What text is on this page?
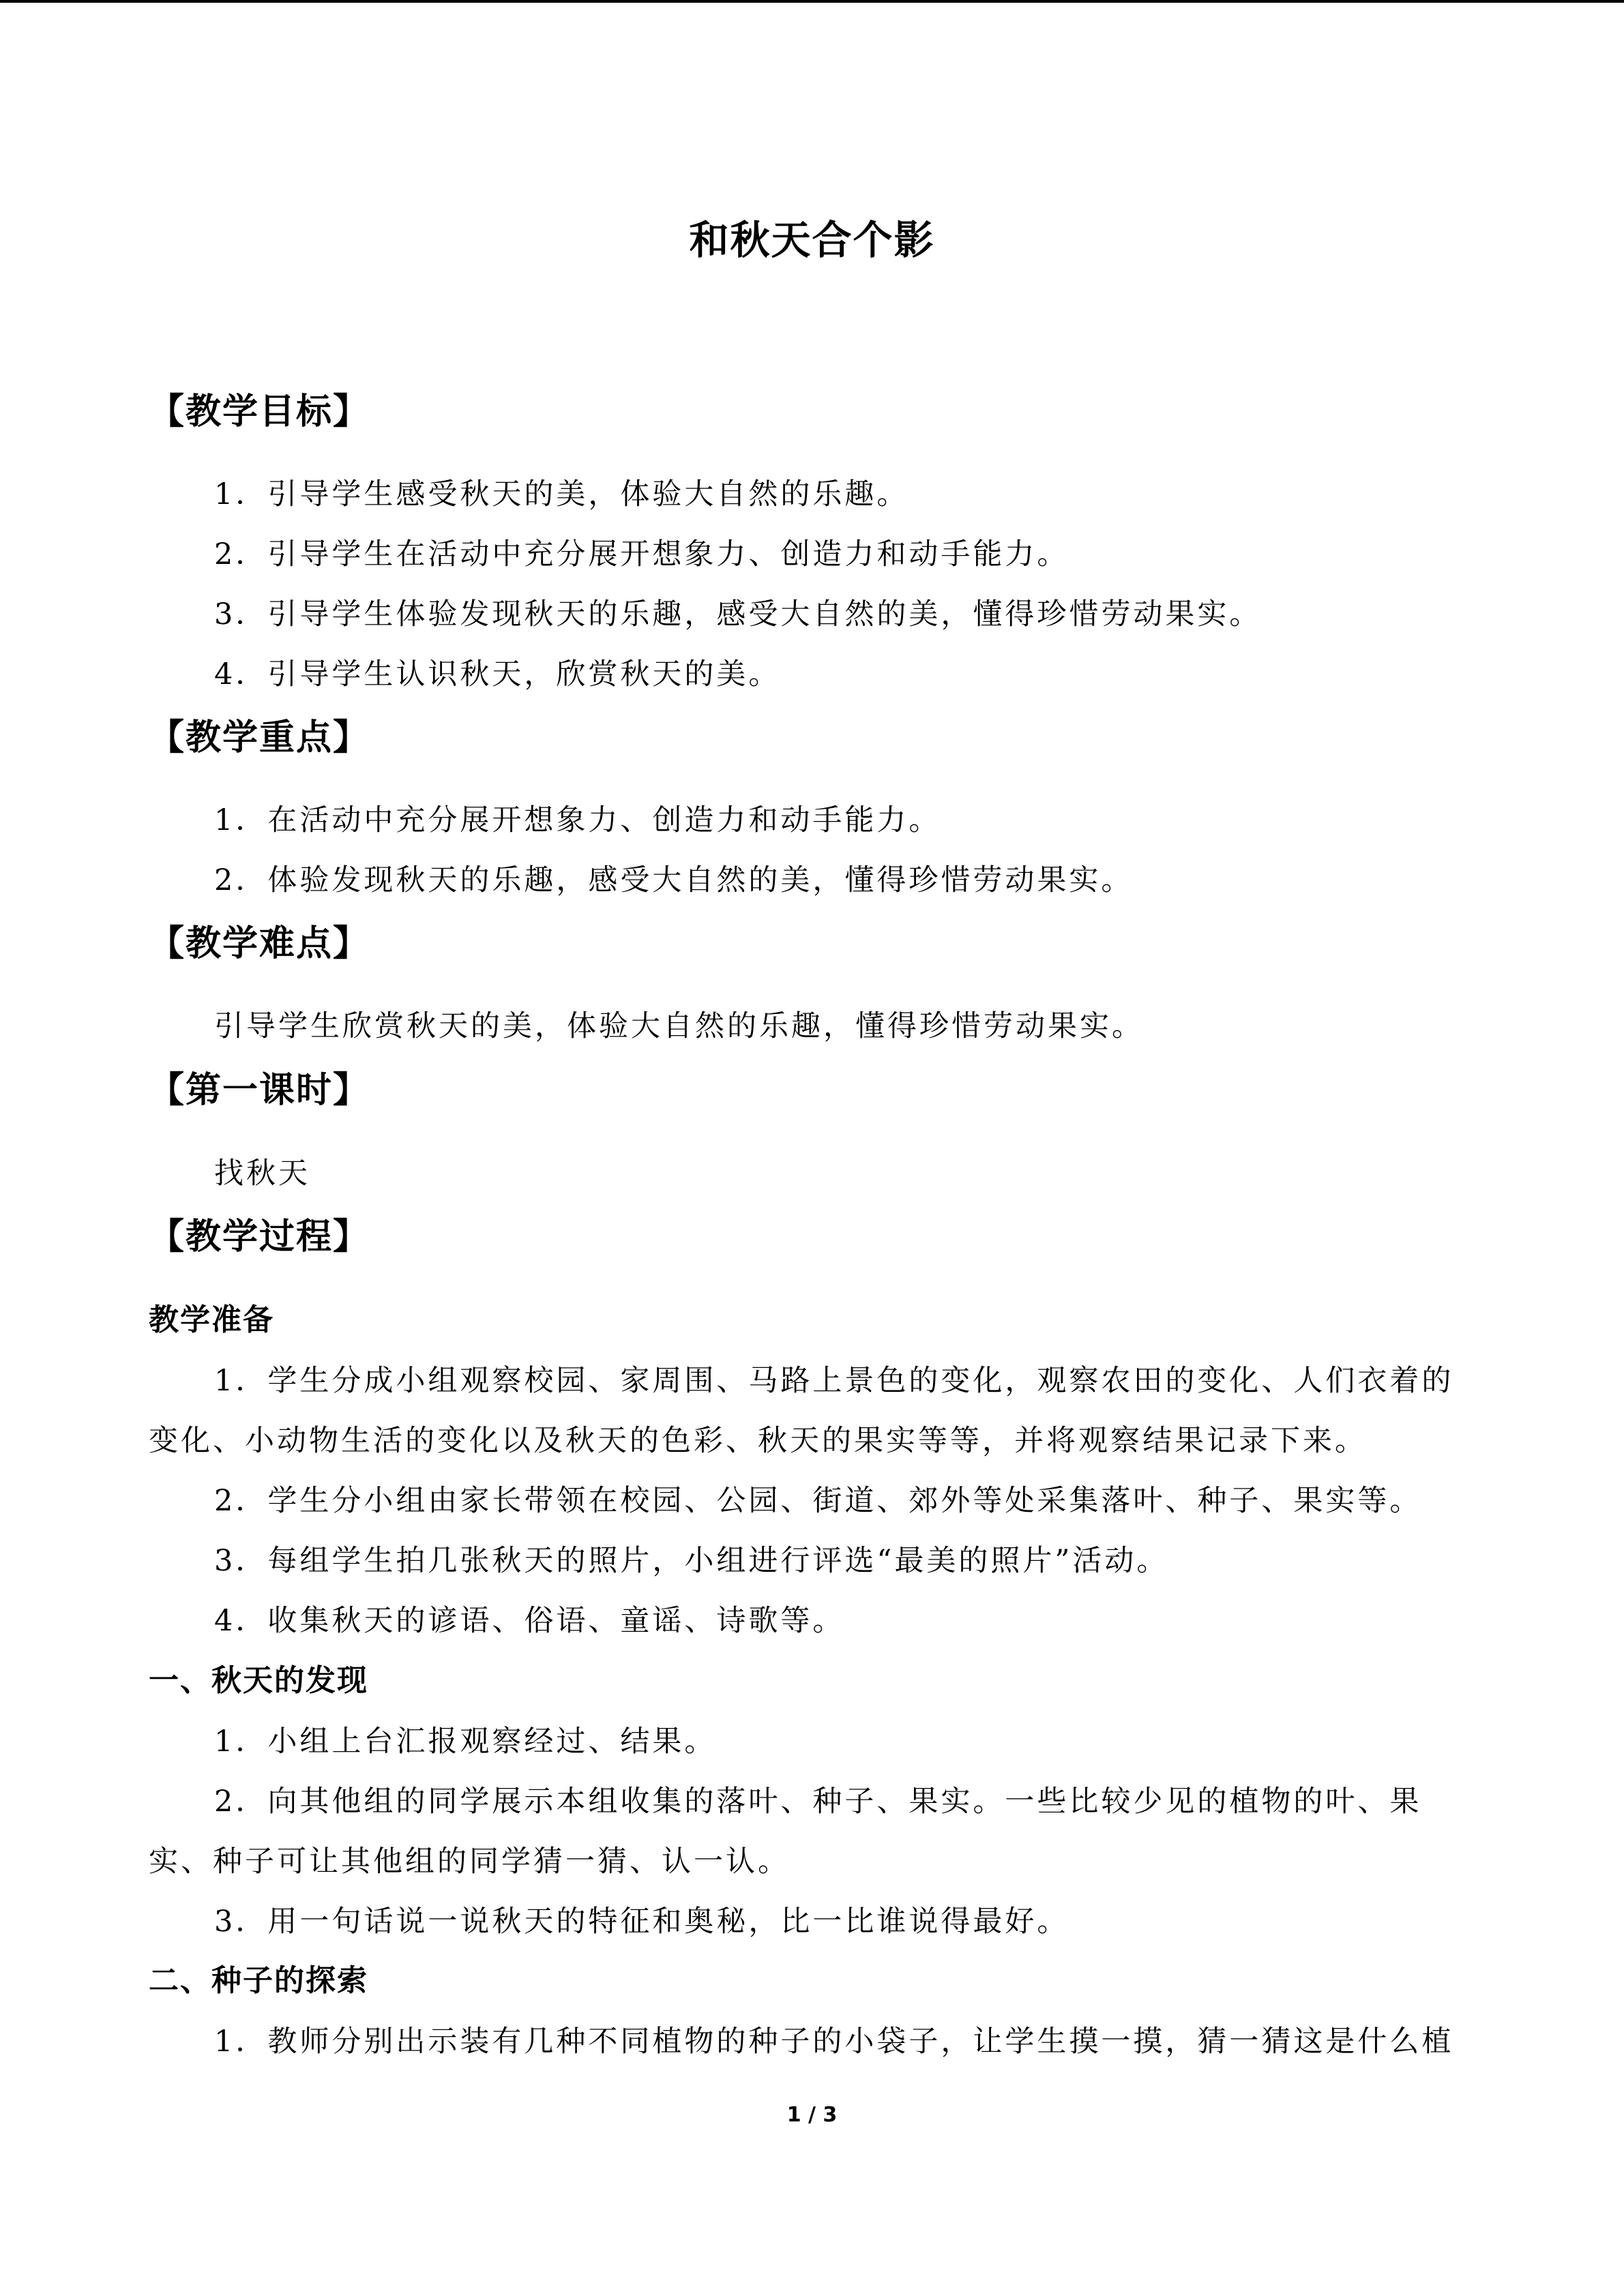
和秋天合个影
【教学目标】

1．引导学生感受秋天的美，体验大自然的乐趣。

2．引导学生在活动中充分展开想象力、创造力和动手能力。

3．引导学生体验发现秋天的乐趣，感受大自然的美，懂得珍惜劳动果实。

4．引导学生认识秋天，欣赏秋天的美。

【教学重点】

1．在活动中充分展开想象力、创造力和动手能力。

2．体验发现秋天的乐趣，感受大自然的美，懂得珍惜劳动果实。

【教学难点】

引导学生欣赏秋天的美，体验大自然的乐趣，懂得珍惜劳动果实。

【第一课时】

找秋天

【教学过程】
教学准备

1．学生分成小组观察校园、家周围、马路上景色的变化，观察农田的变化、人们衣着的变化、小动物生活的变化以及秋天的色彩、秋天的果实等等，并将观察结果记录下来。

2．学生分小组由家长带领在校园、公园、街道、郊外等处采集落叶、种子、果实等。

3．每组学生拍几张秋天的照片，小组进行评选“最美的照片”活动。

4．收集秋天的谚语、俗语、童谣、诗歌等。

一、秋天的发现

1．小组上台汇报观察经过、结果。

2．向其他组的同学展示本组收集的落叶、种子、果实。一些比较少见的植物的叶、果实、种子可让其他组的同学猜一猜、认一认。

3．用一句话说一说秋天的特征和奥秘，比一比谁说得最好。

二、种子的探索

1．教师分别出示装有几种不同植物的种子的小袋子，让学生摸一摸，猜一猜这是什么植

1 / 3
